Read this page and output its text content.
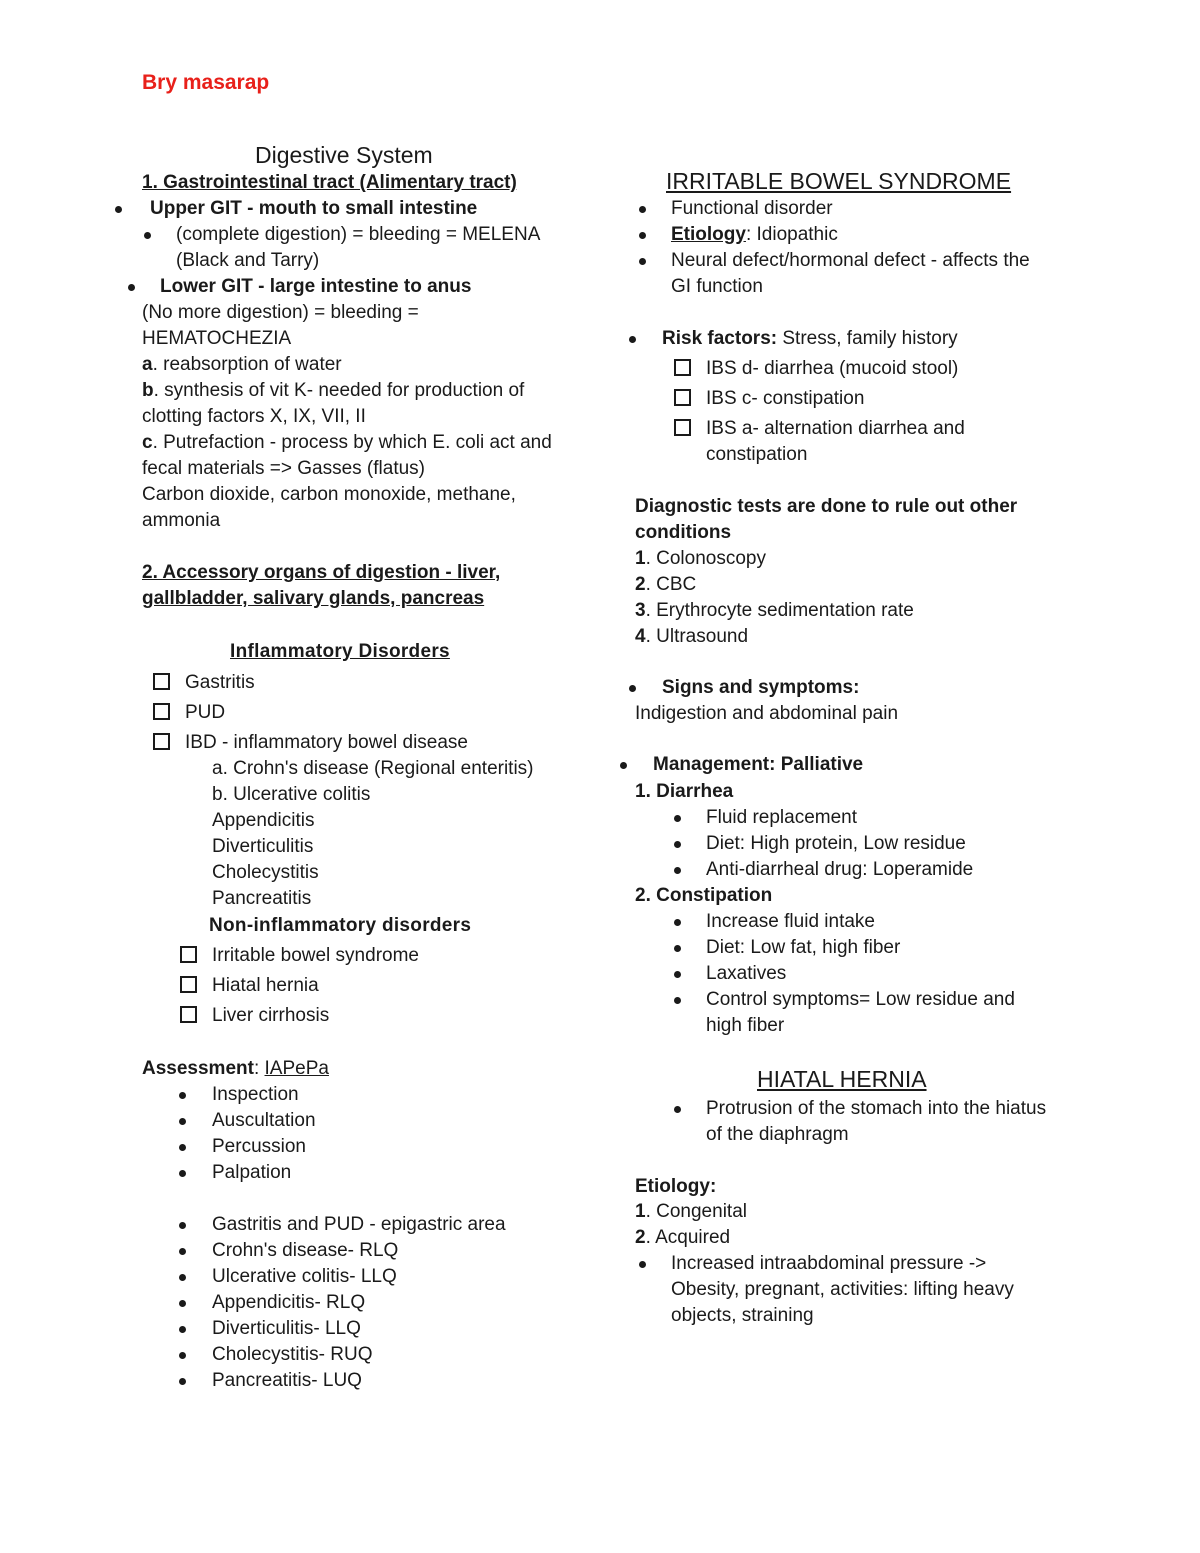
Bry masarap
Digestive System
1. Gastrointestinal tract (Alimentary tract)
Upper GIT - mouth to small intestine
(complete digestion) = bleeding = MELENA
(Black and Tarry)
Lower GIT - large intestine to anus
(No more digestion) = bleeding =
HEMATOCHEZIA
a. reabsorption of water
b. synthesis of vit K- needed for production of
clotting factors X, IX, VII, II
c. Putrefaction - process by which E. coli act and
fecal materials => Gasses (flatus)
Carbon dioxide, carbon monoxide, methane,
ammonia
2. Accessory organs of digestion - liver,
gallbladder, salivary glands, pancreas
Inflammatory Disorders
Gastritis
PUD
IBD - inflammatory bowel disease
a. Crohn's disease (Regional enteritis)
b. Ulcerative colitis
Appendicitis
Diverticulitis
Cholecystitis
Pancreatitis
Non-inflammatory disorders
Irritable bowel syndrome
Hiatal hernia
Liver cirrhosis
Assessment: IAPePa
Inspection
Auscultation
Percussion
Palpation
Gastritis and PUD - epigastric area
Crohn's disease- RLQ
Ulcerative colitis- LLQ
Appendicitis- RLQ
Diverticulitis- LLQ
Cholecystitis- RUQ
Pancreatitis- LUQ
IRRITABLE BOWEL SYNDROME
Functional disorder
Etiology: Idiopathic
Neural defect/hormonal defect - affects the
GI function
Risk factors: Stress, family history
IBS d- diarrhea (mucoid stool)
IBS c- constipation
IBS a- alternation diarrhea and
constipation
Diagnostic tests are done to rule out other
conditions
1. Colonoscopy
2. CBC
3. Erythrocyte sedimentation rate
4. Ultrasound
Signs and symptoms:
Indigestion and abdominal pain
Management: Palliative
1. Diarrhea
Fluid replacement
Diet: High protein, Low residue
Anti-diarrheal drug: Loperamide
2. Constipation
Increase fluid intake
Diet: Low fat, high fiber
Laxatives
Control symptoms= Low residue and
high fiber
HIATAL HERNIA
Protrusion of the stomach into the hiatus
of the diaphragm
Etiology:
1. Congenital
2. Acquired
Increased intraabdominal pressure ->
Obesity, pregnant, activities: lifting heavy
objects, straining
